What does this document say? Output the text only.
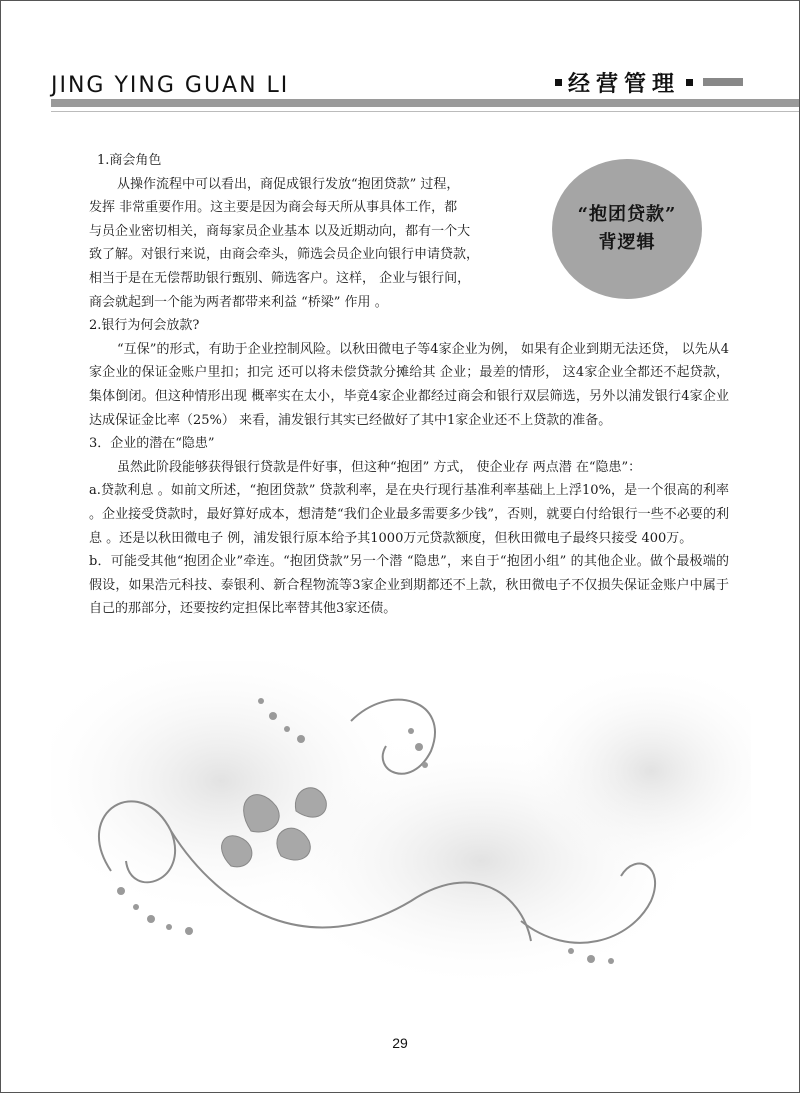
JING YING GUAN LI	经营管理
“抱团贷款”
背逻辑

1.商会角色

从操作流程中可以看出，商促成银行发放“抱团贷款” 过程，

发挥 非常重要作用。这主要是因为商会每天所从事具体工作，都

与员企业密切相关，商每家员企业基本 以及近期动向，都有一个大

致了解。对银行来说，由商会牵头，筛选会员企业向银行申请贷款，

相当于是在无偿帮助银行甄别、筛选客户。这样， 企业与银行间，

商会就起到一个能为两者都带来利益 “桥梁” 作用 。

2.银行为何会放款?

“互保”的形式，有助于企业控制风险。以秋田微电子等4家企业为例， 如果有企业到期无法还贷， 以先从4家企业的保证金账户里扣；扣完 还可以将未偿贷款分摊给其 企业；最差的情形， 这4家企业全都还不起贷款，集体倒闭。但这种情形出现 概率实在太小，毕竟4家企业都经过商会和银行双层筛选，另外以浦发银行4家企业达成保证金比率（25%） 来看，浦发银行其实已经做好了其中1家企业还不上贷款的准备。

3．企业的潜在“隐患”

虽然此阶段能够获得银行贷款是件好事，但这种“抱团” 方式， 使企业存 两点潜 在“隐患”：

a.贷款利息 。如前文所述，“抱团贷款” 贷款利率，是在央行现行基准利率基础上上浮10%，是一个很高的利率 。企业接受贷款时，最好算好成本，想清楚“我们企业最多需要多少钱”，否则，就要白付给银行一些不必要的利息 。还是以秋田微电子 例，浦发银行原本给予其1000万元贷款额度，但秋田微电子最终只接受 400万。

b．可能受其他“抱团企业”牵连。“抱团贷款”另一个潜 “隐患”，来自于“抱团小组” 的其他企业。做个最极端的假设，如果浩元科技、泰银利、新合程物流等3家企业到期都还不上款，秋田微电子不仅损失保证金账户中属于自己的那部分，还要按约定担保比率替其他3家还债。

29
